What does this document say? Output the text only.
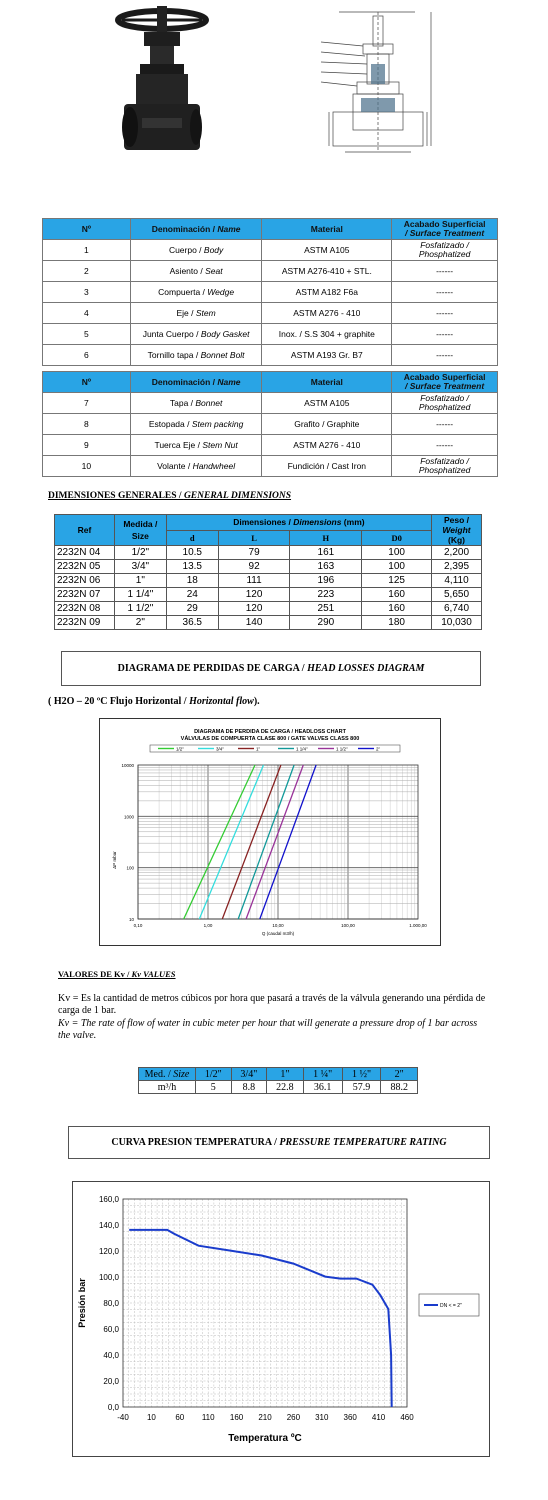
Nº	Denominación / Name	Material	Acabado Superficial
/ Surface Treatment
1	Cuerpo / Body	ASTM A105	Fosfatizado / Phosphatized
2	Asiento / Seat	ASTM A276-410 + STL.	------
3	Compuerta / Wedge	ASTM A182 F6a	------
4	Eje / Stem	ASTM A276 - 410	------
5	Junta Cuerpo / Body Gasket	Inox. / S.S 304 + graphite	------
6	Tornillo tapa / Bonnet Bolt	ASTM A193 Gr. B7	------
Nº	Denominación / Name	Material	Acabado Superficial
/ Surface Treatment
7	Tapa / Bonnet	ASTM A105	Fosfatizado / Phosphatized
8	Estopada / Stem packing	Grafito / Graphite	------
9	Tuerca Eje / Stem Nut	ASTM A276 - 410	------
10	Volante / Handwheel	Fundición / Cast Iron	Fosfatizado / Phosphatized
DIMENSIONES GENERALES / GENERAL DIMENSIONS
Ref	Medida / Size	Dimensiones / Dimensions (mm)				Peso /
Weight
(Kg)
		d	L	H	D0	
2232N 04	1/2"	10.5	79	161	100	2,200
2232N 05	3/4"	13.5	92	163	100	2,395
2232N 06	1"	18	111	196	125	4,110
2232N 07	1 1/4"	24	120	223	160	5,650
2232N 08	1 1/2"	29	120	251	160	6,740
2232N 09	2"	36.5	140	290	180	10,030
DIAGRAMA DE PERDIDAS DE CARGA / HEAD LOSSES DIAGRAM
( H2O – 20 ºC Flujo Horizontal / Horizontal flow).
DIAGRAMA DE PERDIDA DE CARGA / HEADLOSS CHART
VÁLVULAS DE COMPUERTA CLASE 800 / GATE VALVES CLASS 800
0,10	1,00	10,00	100,00	1.000,00
10000
1000
100
10
Q (caudal m3/h)
ΔP mbar
1/2"	3/4"	1"	1 1/4"	1 1/2"	2"
VALORES DE Kv / Kv VALUES
Kv = Es la cantidad de metros cúbicos por hora que pasará a través de la válvula generando una pérdida de carga de 1 bar.
Kv = The rate of flow of water in cubic meter per hour that will generate a pressure drop of 1 bar across the valve.
Med. / Size	1/2"	3/4"	1"	1 ¼"	1 ½"	2"
m³/h	5	8.8	22.8	36.1	57.9	88.2
CURVA PRESION TEMPERATURA / PRESSURE TEMPERATURE RATING
-40 10 60 110 160 210 260 310 360 410 460
0,0
20,0
40,0
60,0
80,0
100,0
120,0
140,0
160,0
Temperatura ºC
Presión bar	DN < = 2"
